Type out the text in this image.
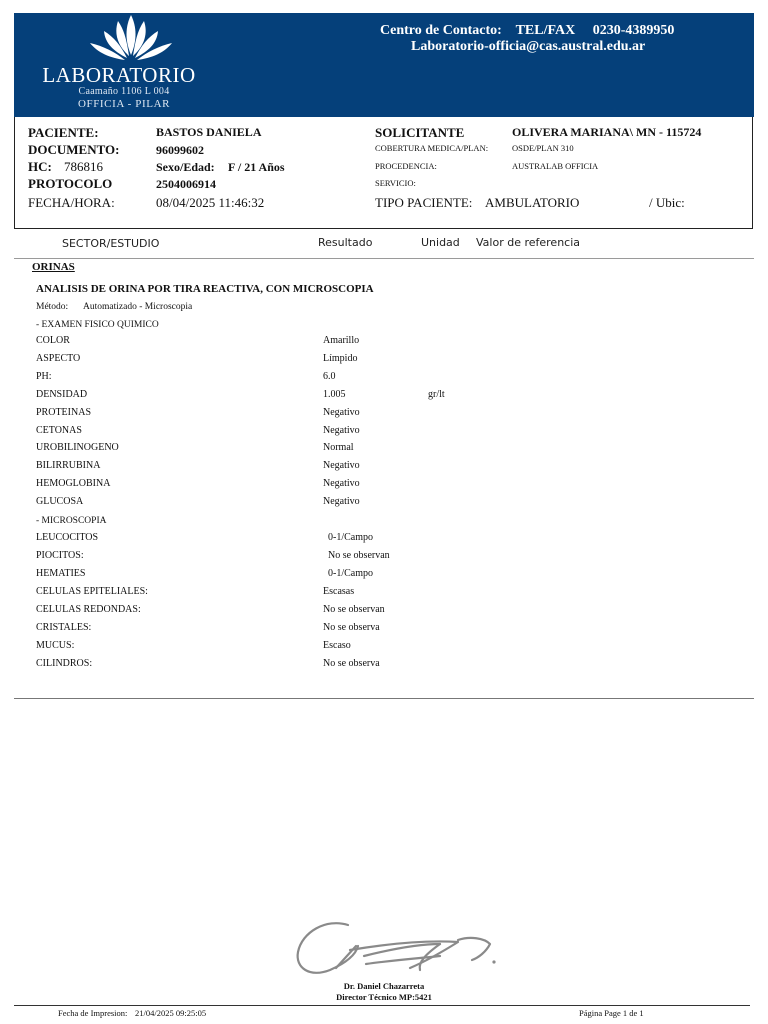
LABORATORIO
Caamaño 1106 L 004
OFFICIA - PILAR
Centro de Contacto:    TEL/FAX     0230-4389950
Laboratorio-officia@cas.austral.edu.ar
PACIENTE:	BASTOS DANIELA
DOCUMENTO:	96099602
HC: 786816	Sexo/Edad: F / 21 Años
PROTOCOLO	2504006914
FECHA/HORA:	08/04/2025 11:46:32
SOLICITANTE	OLIVERA MARIANA\ MN - 115724
COBERTURA MEDICA/PLAN:	OSDE/PLAN 310
PROCEDENCIA:	AUSTRALAB OFFICIA
SERVICIO:
TIPO PACIENTE: AMBULATORIO	/ Ubic:
SECTOR/ESTUDIO	Resultado	Unidad Valor de referencia
ORINAS
ANALISIS DE ORINA POR TIRA REACTIVA, CON MICROSCOPIA
Método: Automatizado - Microscopia
- EXAMEN FISICO QUIMICO
COLOR	Amarillo
ASPECTO	Límpido
PH:	6.0
DENSIDAD	1.005	gr/lt
PROTEINAS	Negativo
CETONAS	Negativo
UROBILINOGENO	Normal
BILIRRUBINA	Negativo
HEMOGLOBINA	Negativo
GLUCOSA	Negativo
- MICROSCOPIA
LEUCOCITOS	0-1/Campo
PIOCITOS:	No se observan
HEMATIES	0-1/Campo
CELULAS EPITELIALES:	Escasas
CELULAS REDONDAS:	No se observan
CRISTALES:	No se observa
MUCUS:	Escaso
CILINDROS:	No se observa
Dr. Daniel Chazarreta
Director Técnico MP:5421
Fecha de Impresion: 21/04/2025 09:25:05	Página Page 1 de 1
